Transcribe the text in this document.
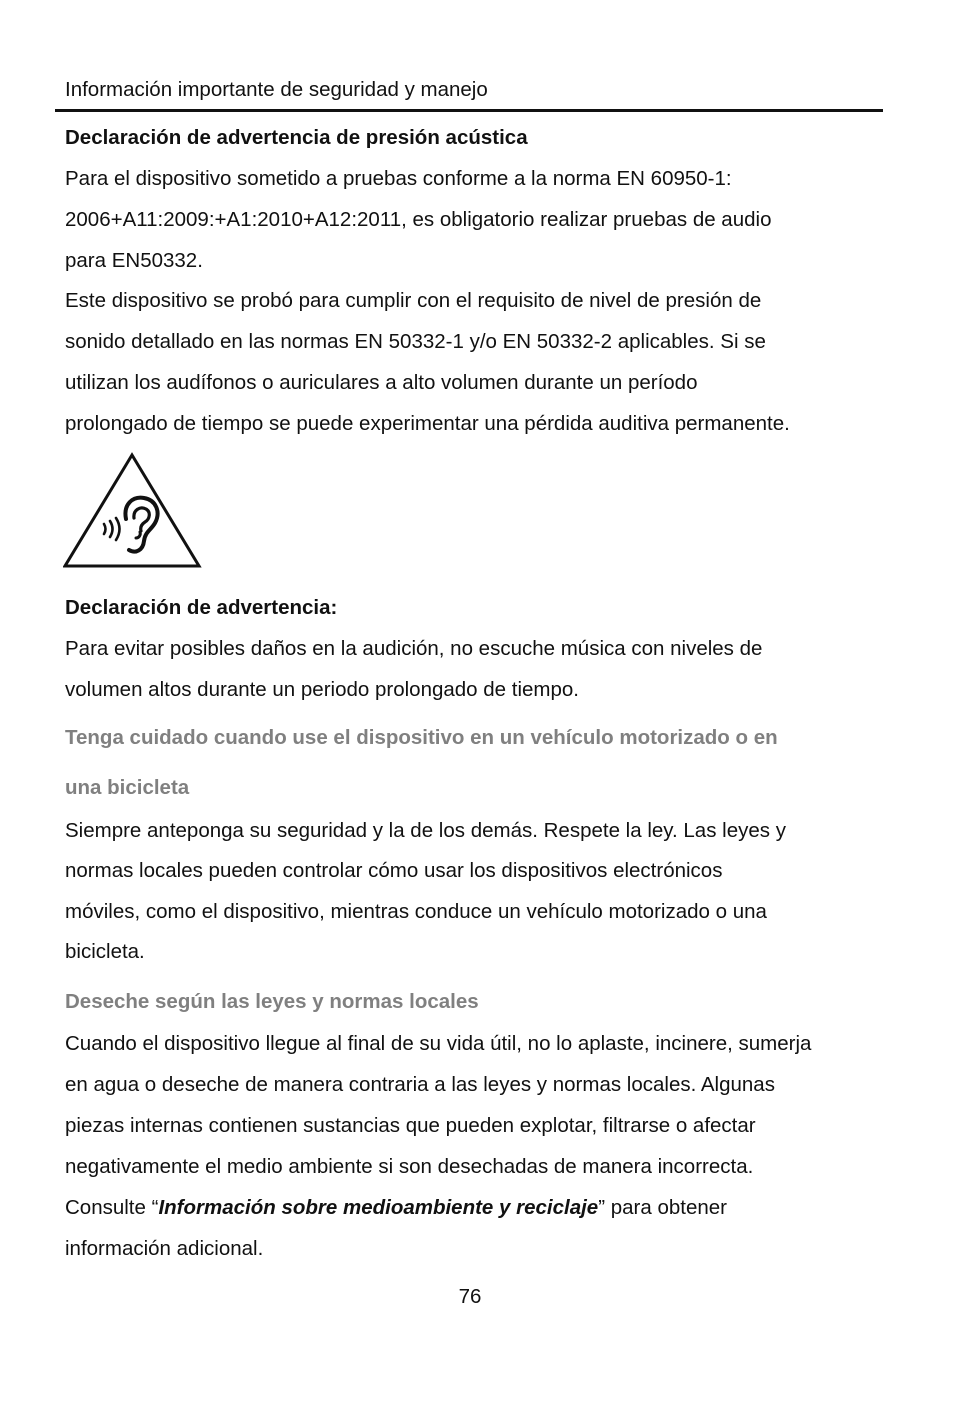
Información importante de seguridad y manejo
Declaración de advertencia de presión acústica
Para el dispositivo sometido a pruebas conforme a la norma EN 60950-1:
2006+A11:2009:+A1:2010+A12:2011, es obligatorio realizar pruebas de audio
para EN50332.
Este dispositivo se probó para cumplir con el requisito de nivel de presión de
sonido detallado en las normas EN 50332-1 y/o EN 50332-2 aplicables. Si se
utilizan los audífonos o auriculares a alto volumen durante un período
prolongado de tiempo se puede experimentar una pérdida auditiva permanente.
Declaración de advertencia:
Para evitar posibles daños en la audición, no escuche música con niveles de
volumen altos durante un periodo prolongado de tiempo.
Tenga cuidado cuando use el dispositivo en un vehículo motorizado o en
una bicicleta
Siempre anteponga su seguridad y la de los demás. Respete la ley. Las leyes y
normas locales pueden controlar cómo usar los dispositivos electrónicos
móviles, como el dispositivo, mientras conduce un vehículo motorizado o una
bicicleta.
Deseche según las leyes y normas locales
Cuando el dispositivo llegue al final de su vida útil, no lo aplaste, incinere, sumerja
en agua o deseche de manera contraria a las leyes y normas locales. Algunas
piezas internas contienen sustancias que pueden explotar, filtrarse o afectar
negativamente el medio ambiente si son desechadas de manera incorrecta.
Consulte “Información sobre medioambiente y reciclaje” para obtener
información adicional.
76
